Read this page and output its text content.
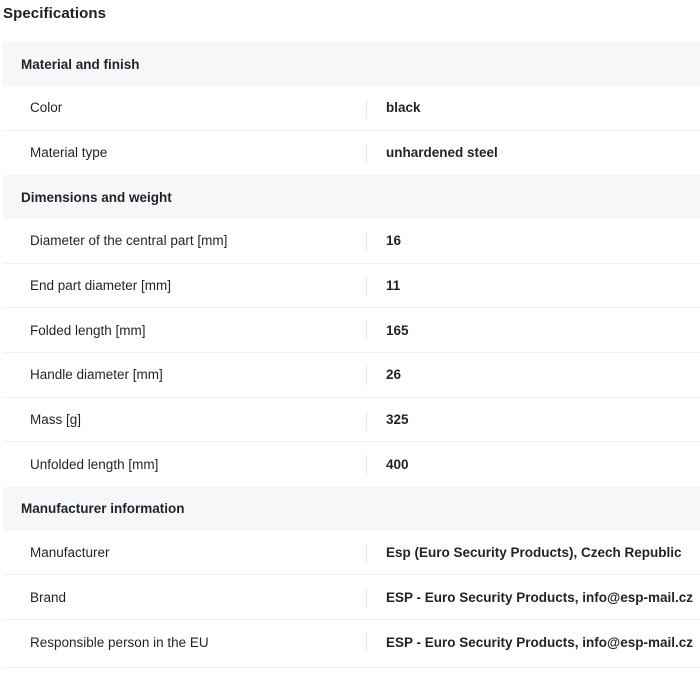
Specifications
Material and finish
Color	black
Material type	unhardened steel
Dimensions and weight
Diameter of the central part [mm]	16
End part diameter [mm]	11
Folded length [mm]	165
Handle diameter [mm]	26
Mass [g]	325
Unfolded length [mm]	400
Manufacturer information
Manufacturer	Esp (Euro Security Products), Czech Republic
Brand	ESP - Euro Security Products, info@esp-mail.cz
Responsible person in the EU	ESP - Euro Security Products, info@esp-mail.cz
